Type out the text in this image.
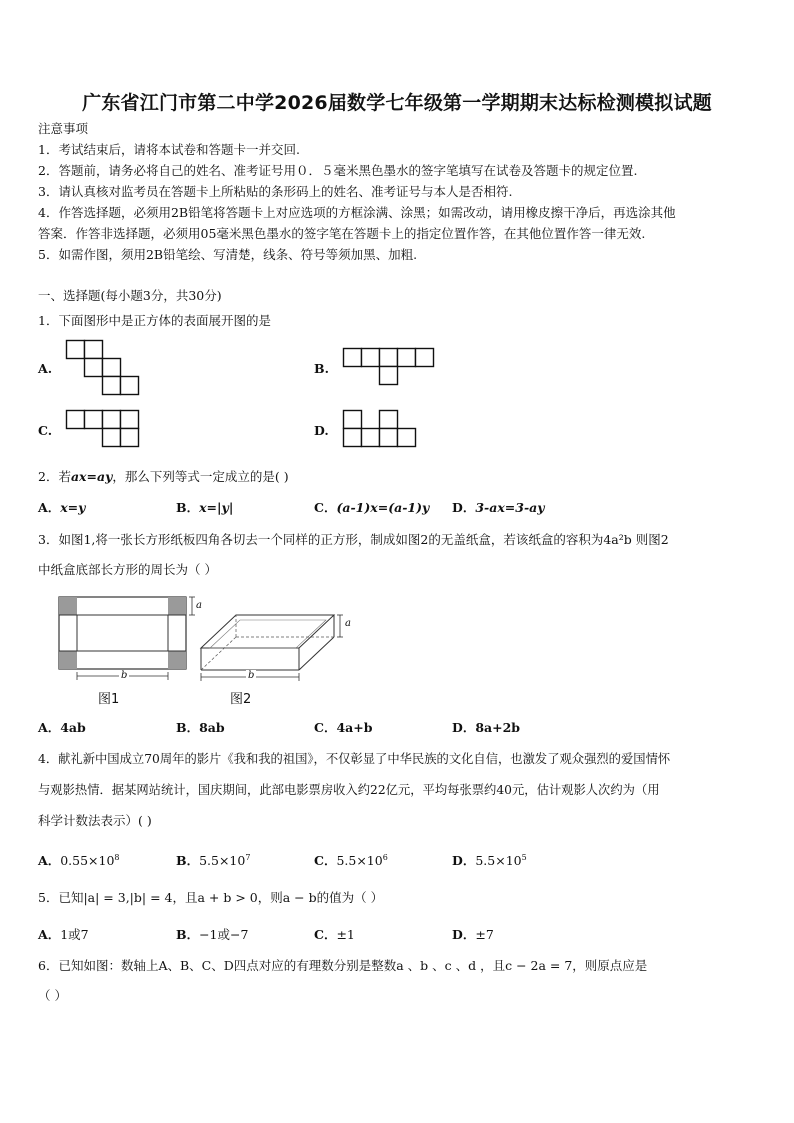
广东省江门市第二中学2026届数学七年级第一学期期末达标检测模拟试题
注意事项
1．考试结束后，请将本试卷和答题卡一并交回.
2．答题前，请务必将自己的姓名、准考证号用０．５毫米黑色墨水的签字笔填写在试卷及答题卡的规定位置.
3．请认真核对监考员在答题卡上所粘贴的条形码上的姓名、准考证号与本人是否相符.
4．作答选择题，必须用2B铅笔将答题卡上对应选项的方框涂满、涂黑；如需改动，请用橡皮擦干净后，再选涂其他
答案．作答非选择题，必须用05毫米黑色墨水的签字笔在答题卡上的指定位置作答，在其他位置作答一律无效.
5．如需作图，须用2B铅笔绘、写清楚，线条、符号等须加黑、加粗.
一、选择题(每小题3分，共30分)
1．下面图形中是正方体的表面展开图的是
A.	B.
C.	D.
2．若ax=ay，那么下列等式一定成立的是( )
A．x=y	B．x=|y|	C．(a-1)x=(a-1)y D．3-ax=3-ay
3．如图1,将一张长方形纸板四角各切去一个同样的正方形，制成如图2的无盖纸盒，若该纸盒的容积为4a²b 则图2
中纸盒底部长方形的周长为（ ）
a
b
图1
a
b
图2
A．4ab	B．8ab	C．4a+b	D．8a+2b
4．献礼新中国成立70周年的影片《我和我的祖国》，不仅彰显了中华民族的文化自信，也激发了观众强烈的爱国情怀
与观影热情．据某网站统计，国庆期间，此部电影票房收入约22亿元，平均每张票约40元，估计观影人次约为（用
科学计数法表示）( )
A．$0.55\times 10^8$	B．$5.5\times 10^7$	C．$5.5\times 10^6$	D．$5.5\times 10^5$
5．已知|a| = 3,|b| = 4，且a + b > 0，则a − b的值为（ ）
A．1或7	B．−1或−7	C．±1	D．±7
6．已知如图：数轴上A、B、C、D四点对应的有理数分别是整数a 、b 、c 、d ，且c − 2a = 7，则原点应是
（ ）
